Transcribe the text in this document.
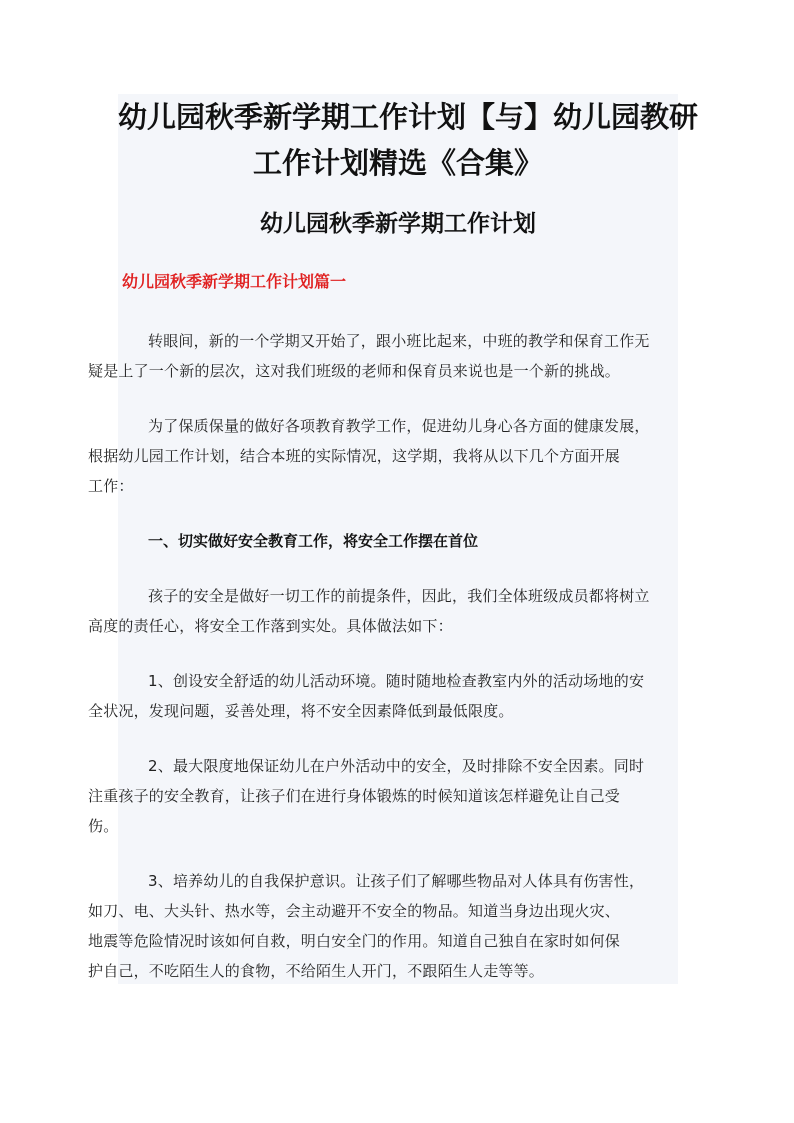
幼儿园秋季新学期工作计划【与】幼儿园教研
工作计划精选《合集》
幼儿园秋季新学期工作计划
幼儿园秋季新学期工作计划篇一

转眼间，新的一个学期又开始了，跟小班比起来，中班的教学和保育工作无
疑是上了一个新的层次，这对我们班级的老师和保育员来说也是一个新的挑战。

为了保质保量的做好各项教育教学工作，促进幼儿身心各方面的健康发展，
根据幼儿园工作计划，结合本班的实际情况，这学期，我将从以下几个方面开展
工作：

一、切实做好安全教育工作，将安全工作摆在首位

孩子的安全是做好一切工作的前提条件，因此，我们全体班级成员都将树立
高度的责任心，将安全工作落到实处。具体做法如下：

1、创设安全舒适的幼儿活动环境。随时随地检查教室内外的活动场地的安
全状况，发现问题，妥善处理，将不安全因素降低到最低限度。

2、最大限度地保证幼儿在户外活动中的安全，及时排除不安全因素。同时
注重孩子的安全教育，让孩子们在进行身体锻炼的时候知道该怎样避免让自己受
伤。

3、培养幼儿的自我保护意识。让孩子们了解哪些物品对人体具有伤害性，
如刀、电、大头针、热水等，会主动避开不安全的物品。知道当身边出现火灾、
地震等危险情况时该如何自救，明白安全门的作用。知道自己独自在家时如何保
护自己，不吃陌生人的食物，不给陌生人开门，不跟陌生人走等等。
